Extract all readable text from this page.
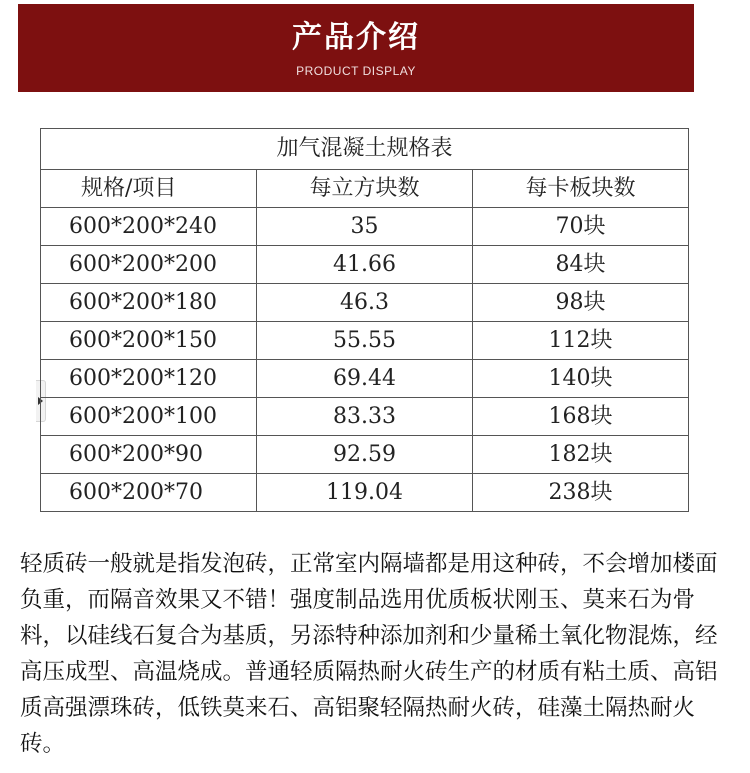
产品介绍
PRODUCT DISPLAY
加气混凝土规格表		
规格/项目	每立方块数	每卡板块数
600*200*240	35	70块
600*200*200	41.66	84块
600*200*180	46.3	98块
600*200*150	55.55	112块
600*200*120	69.44	140块
600*200*100	83.33	168块
600*200*90	92.59	182块
600*200*70	119.04	238块

轻质砖一般就是指发泡砖，正常室内隔墙都是用这种砖，不会增加楼面负重，而隔音效果又不错！强度制品选用优质板状刚玉、莫来石为骨料，以硅线石复合为基质，另添特种添加剂和少量稀土氧化物混炼，经高压成型、高温烧成。普通轻质隔热耐火砖生产的材质有粘土质、高铝质高强漂珠砖，低铁莫来石、高铝聚轻隔热耐火砖，硅藻土隔热耐火砖。
